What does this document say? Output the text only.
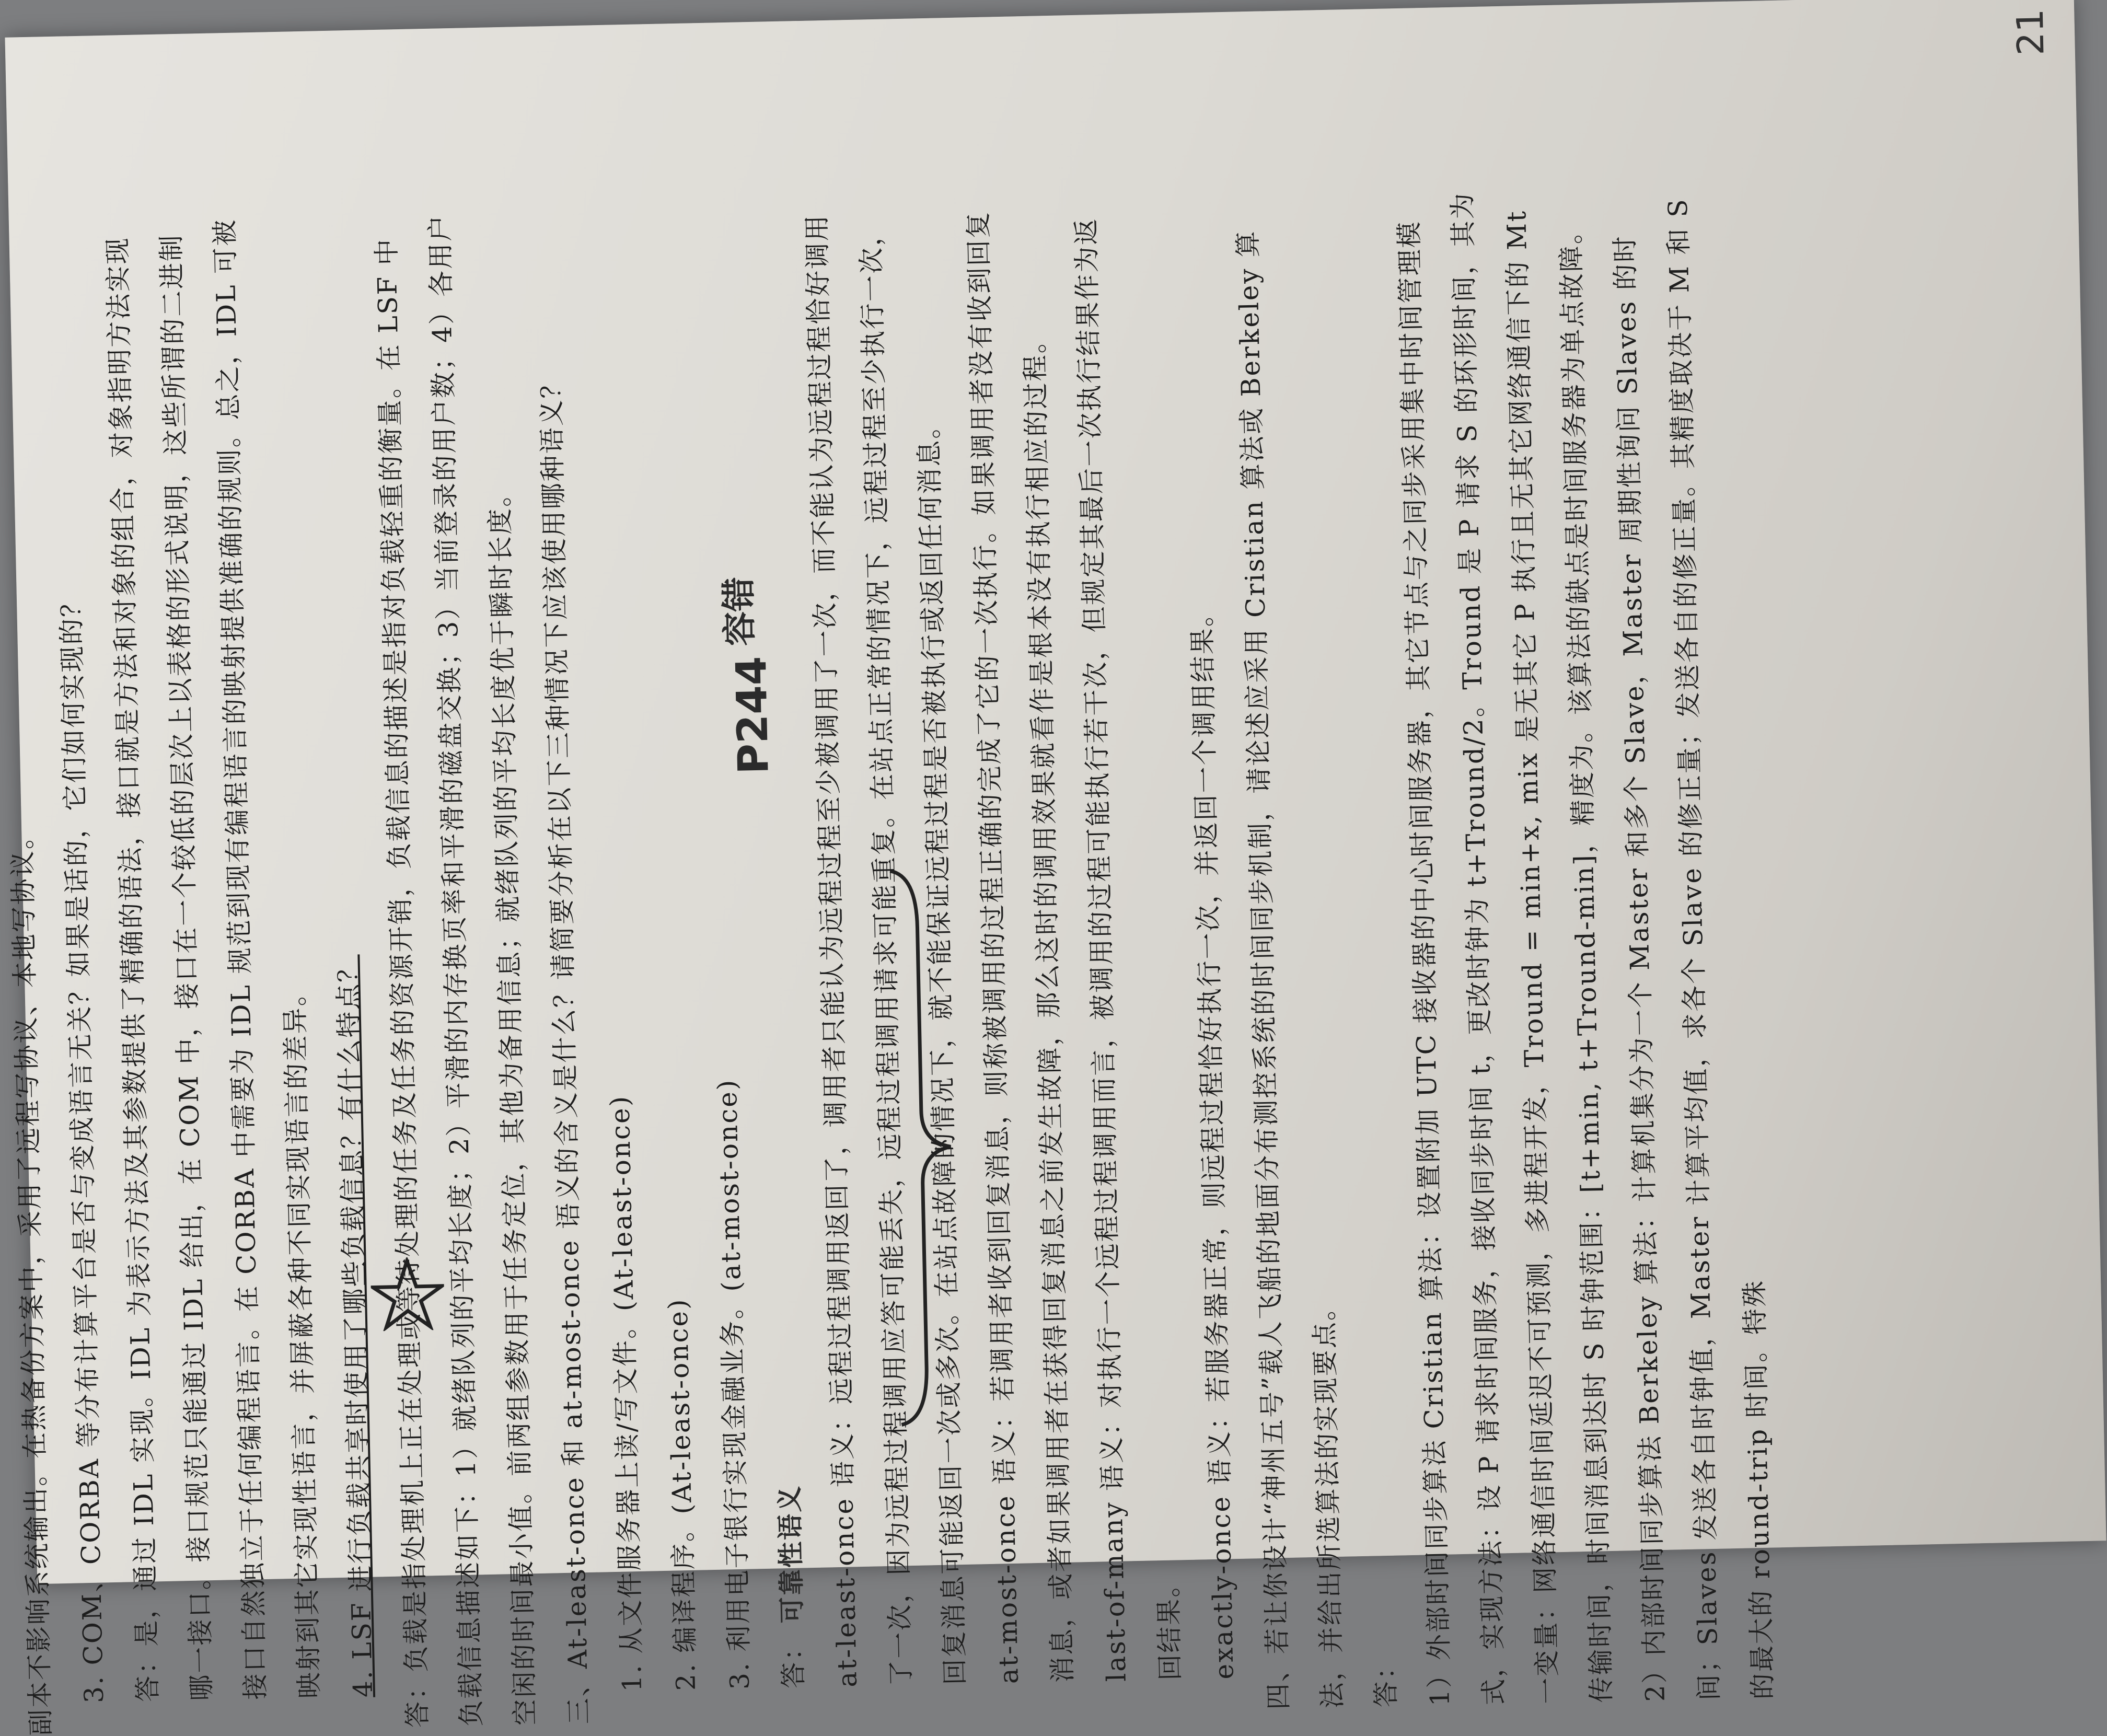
21
P244
容错
副本不影响系统输出。在热备份方案中，采用了远程写协议、本地写协议。 3. COM、CORBA 等分布计算平台是否与变成语言无关？如果是话的，它们如何实现的？
答：是，通过 IDL 实现。IDL 为表示方法及其参数提供了精确的语法，接口就是方法和对象的组合，对象指明方法实现哪一接口。接口规范只能通过 IDL 给出，在 COM 中，接口在一个较低的层次上以表格的形式说明，这些所谓的二进制接口自然独立于任何编程语言。在 CORBA 中需要为 IDL 规范到现有编程语言的映射提供准确的规则。总之，IDL 可被映射到其它实现性语言，并屏蔽各种不同实现语言的差异。 4. LSF 进行负载共享时使用了哪些负载信息？有什么特点？
答：负载是指处理机上正在处理或等待处理的任务及任务的资源开销，负载信息的描述是指对负载轻重的衡量。在 LSF 中负载信息描述如下：1）就绪队列的平均长度；2）平滑的内存换页率和平滑的磁盘交换；3）当前登录的用户数；4）各用户空闲的时间最小值。前两组参数用于任务定位，其他为备用信息；就绪队列的平均长度优于瞬时长度。
三、At-least-once 和 at-most-once 语义的含义是什么？请简要分析在以下三种情况下应该使用哪种语义？ 1. 从文件服务器上读/写文件。(At-least-once) 2. 编译程序。(At-least-once) 3. 利用电子银行实现金融业务。(at-most-once) 答： 可靠性语义
at-least-once 语义：远程过程调用返回了，调用者只能认为远程过程至少被调用了一次，而不能认为远程过程恰好调用了一次，因为远程过程调用应答可能丢失，远程过程调用请求可能重复。在站点正常的情况下，远程过程至少执行一次，回复消息可能返回一次或多次。在站点故障的情况下，就不能保证远程过程是否被执行或返回任何消息。
at-most-once 语义：若调用者收到回复消息，则称被调用的过程正确的完成了它的一次执行。如果调用者没有收到回复消息，或者如果调用者在获得回复消息之前发生故障，那么这时的调用效果就看作是根本没有执行相应的过程。
last-of-many 语义：对执行一个远程过程调用而言，被调用的过程可能执行若干次，但规定其最后一次执行结果作为返回结果。 exactly-once 语义：若服务器正常，则远程过程恰好执行一次，并返回一个调用结果。
四、若让你设计“神州五号”载人飞船的地面分布测控系统的时间同步机制，请论述应采用 Cristian 算法或 Berkeley 算法，并给出所选算法的实现要点。 答：
1）外部时间同步算法 Cristian 算法：设置附加 UTC 接收器的中心时间服务器，其它节点与之同步采用集中时间管理模式，实现方法：设 P 请求时间服务，接收同步时间 t，更改时钟为 t+Tround/2。Tround 是 P 请求 S 的环形时间，其为一变量：网络通信时间延迟不可预测，多进程开发，Tround = min+x, mix 是无其它 P 执行且无其它网络通信下的 Mt 传输时间，时间消息到达时 S 时钟范围：[t+min, t+Tround-min]，精度为。该算法的缺点是时间服务器为单点故障。
2）内部时间同步算法 Berkeley 算法：计算机集分为一个 Master 和多个 Slave，Master 周期性询问 Slaves 的时间；Slaves 发送各自时钟值，Master 计算平均值，求各个 Slave 的修正量；发送各自的修正量。其精度取决于 M 和 S 的最大的 round-trip 时间。特殊
